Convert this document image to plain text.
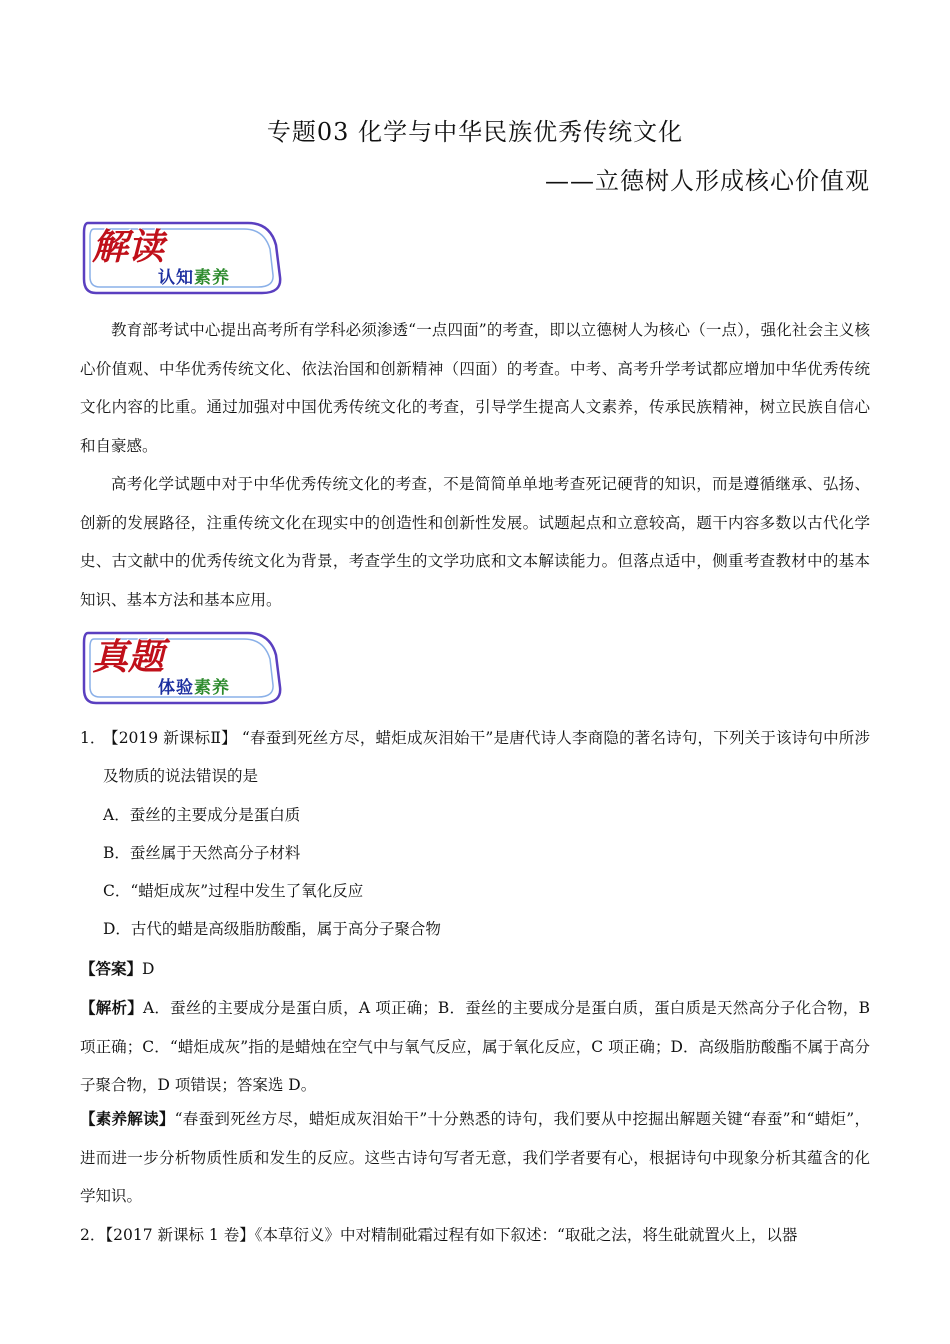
专题03 化学与中华民族优秀传统文化
——立德树人形成核心价值观
解读
认知素养

教育部考试中心提出高考所有学科必须渗透“一点四面”的考查，即以立德树人为核心（一点），强化社会主义核心价值观、中华优秀传统文化、依法治国和创新精神（四面）的考查。中考、高考升学考试都应增加中华优秀传统文化内容的比重。通过加强对中国优秀传统文化的考查，引导学生提高人文素养，传承民族精神，树立民族自信心和自豪感。

高考化学试题中对于中华优秀传统文化的考查，不是简简单单地考查死记硬背的知识，而是遵循继承、弘扬、创新的发展路径，注重传统文化在现实中的创造性和创新性发展。试题起点和立意较高，题干内容多数以古代化学史、古文献中的优秀传统文化为背景，考查学生的文学功底和文本解读能力。但落点适中，侧重考查教材中的基本知识、基本方法和基本应用。

真题
体验素养
1．
【2019 新课标Ⅱ】 “春蚕到死丝方尽，蜡炬成灰泪始干”是唐代诗人李商隐的著名诗句，下列关于该诗句中所涉及物质的说法错误的是
A．蚕丝的主要成分是蛋白质
B．蚕丝属于天然高分子材料
C．“蜡炬成灰”过程中发生了氧化反应
D．古代的蜡是高级脂肪酸酯，属于高分子聚合物
【答案】D

【解析】A．蚕丝的主要成分是蛋白质，A 项正确；B．蚕丝的主要成分是蛋白质，蛋白质是天然高分子化合物，B 项正确；C．“蜡炬成灰”指的是蜡烛在空气中与氧气反应，属于氧化反应，C 项正确；D．高级脂肪酸酯不属于高分子聚合物，D 项错误；答案选 D。

【素养解读】“春蚕到死丝方尽，蜡炬成灰泪始干”十分熟悉的诗句，我们要从中挖掘出解题关键“春蚕”和“蜡炬”，进而进一步分析物质性质和发生的反应。这些古诗句写者无意，我们学者要有心，根据诗句中现象分析其蕴含的化学知识。

2．【2017 新课标 1 卷】《本草衍义》中对精制砒霜过程有如下叙述：“取砒之法，将生砒就置火上，以器
